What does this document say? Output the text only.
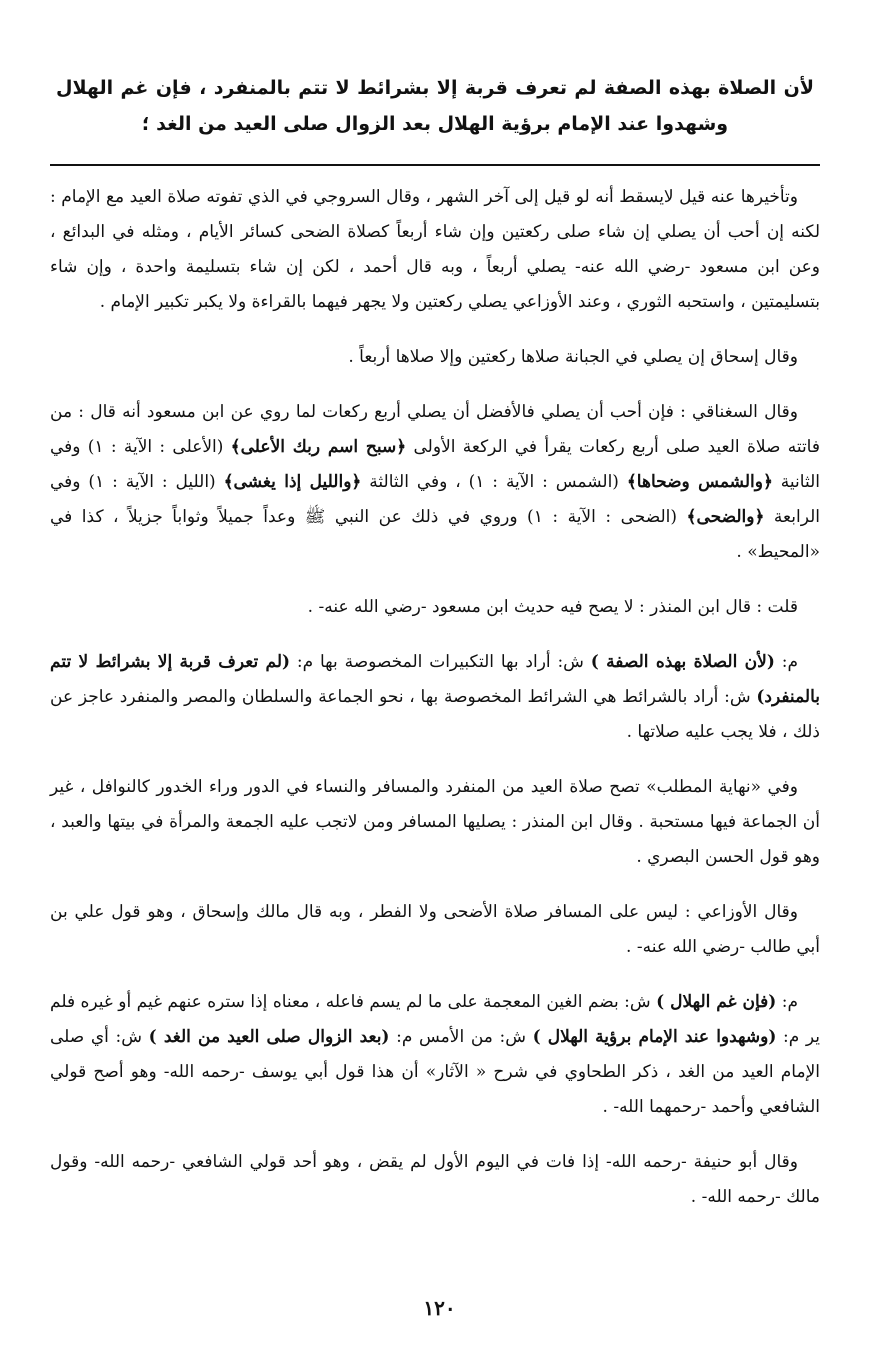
لأن الصلاة بهذه الصفة لم تعرف قربة إلا بشرائط لا تتم بالمنفرد ، فإن غم الهلال وشهدوا عند الإمام برؤية الهلال بعد الزوال صلى العيد من الغد ؛

وتأخيرها عنه قيل لايسقط أنه لو قيل إلى آخر الشهر ، وقال السروجي في الذي تفوته صلاة العيد مع الإمام : لكنه إن أحب أن يصلي إن شاء صلى ركعتين وإن شاء أربعاً كصلاة الضحى كسائر الأيام ، ومثله في البدائع ، وعن ابن مسعود -رضي الله عنه- يصلي أربعاً ، وبه قال أحمد ، لكن إن شاء بتسليمة واحدة ، وإن شاء بتسليمتين ، واستحبه الثوري ، وعند الأوزاعي يصلي ركعتين ولا يجهر فيهما بالقراءة ولا يكبر تكبير الإمام .

وقال إسحاق إن يصلي في الجبانة صلاها ركعتين وإلا صلاها أربعاً .

وقال السغناقي : فإن أحب أن يصلي فالأفضل أن يصلي أربع ركعات لما روي عن ابن مسعود أنه قال : من فاتته صلاة العيد صلى أربع ركعات يقرأ في الركعة الأولى ﴿سبح اسم ربك الأعلى﴾ (الأعلى : الآية : ١) وفي الثانية ﴿والشمس وضحاها﴾ (الشمس : الآية : ١) ، وفي الثالثة ﴿والليل إذا يغشى﴾ (الليل : الآية : ١) وفي الرابعة ﴿والضحى﴾ (الضحى : الآية : ١) وروي في ذلك عن النبي ﷺ وعداً جميلاً وثواباً جزيلاً ، كذا في «المحيط» .

قلت : قال ابن المنذر : لا يصح فيه حديث ابن مسعود -رضي الله عنه- .

م: (لأن الصلاة بهذه الصفة ) ش: أراد بها التكبيرات المخصوصة بها م: (لم تعرف قربة إلا بشرائط لا تتم بالمنفرد) ش: أراد بالشرائط هي الشرائط المخصوصة بها ، نحو الجماعة والسلطان والمصر والمنفرد عاجز عن ذلك ، فلا يجب عليه صلاتها .

وفي «نهاية المطلب» تصح صلاة العيد من المنفرد والمسافر والنساء في الدور وراء الخدور كالنوافل ، غير أن الجماعة فيها مستحبة . وقال ابن المنذر : يصليها المسافر ومن لاتجب عليه الجمعة والمرأة في بيتها والعبد ، وهو قول الحسن البصري .

وقال الأوزاعي : ليس على المسافر صلاة الأضحى ولا الفطر ، وبه قال مالك وإسحاق ، وهو قول علي بن أبي طالب -رضي الله عنه- .

م: (فإن غم الهلال ) ش: بضم الغين المعجمة على ما لم يسم فاعله ، معناه إذا ستره عنهم غيم أو غيره فلم ير م: (وشهدوا عند الإمام برؤية الهلال ) ش: من الأمس م: (بعد الزوال صلى العيد من الغد ) ش: أي صلى الإمام العيد من الغد ، ذكر الطحاوي في شرح « الآثار» أن هذا قول أبي يوسف -رحمه الله- وهو أصح قولي الشافعي وأحمد -رحمهما الله- .

وقال أبو حنيفة -رحمه الله- إذا فات في اليوم الأول لم يقض ، وهو أحد قولي الشافعي -رحمه الله- وقول مالك -رحمه الله- .

١٢٠
